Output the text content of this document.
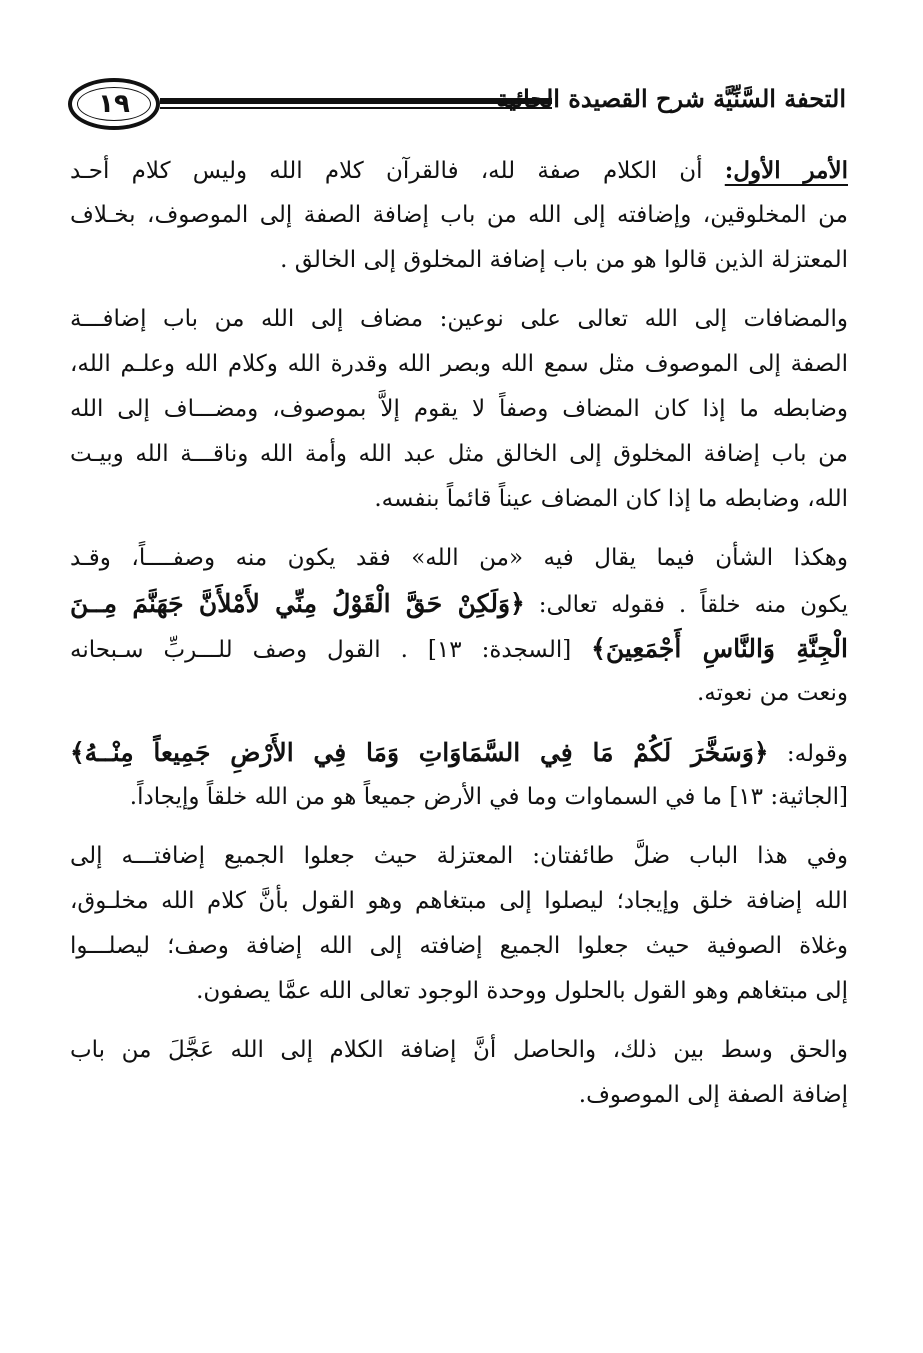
١٩	التحفة السَّنِّيَّة شرح القصيدة الحائية
الأمر الأول: أن الكلام صفة لله، فالقرآن كلام الله وليس كلام أحـد
من المخلوقين، وإضافته إلى الله من باب إضافة الصفة إلى الموصوف، بخـلاف
المعتزلة الذين قالوا هو من باب إضافة المخلوق إلى الخالق .
والمضافات إلى الله تعالى على نوعين: مضاف إلى الله من باب إضافـــة
الصفة إلى الموصوف مثل سمع الله وبصر الله وقدرة الله وكلام الله وعلـم الله،
وضابطه ما إذا كان المضاف وصفاً لا يقوم إلاَّ بموصوف، ومضـــاف إلى الله
من باب إضافة المخلوق إلى الخالق مثل عبد الله وأمة الله وناقـــة الله وبيـت
الله، وضابطه ما إذا كان المضاف عيناً قائماً بنفسه.
وهكذا الشأن فيما يقال فيه «من الله» فقد يكون منه وصفــــاً، وقـد
يكون منه خلقاً . فقوله تعالى: ﴿وَلَكِنْ حَقَّ الْقَوْلُ مِنِّي لأَمْلأَنَّ جَهَنَّمَ مِــنَ
الْجِنَّةِ وَالنَّاسِ أَجْمَعِينَ﴾ [السجدة: ١٣] . القول وصف للـــربِّ سـبحانه
ونعت من نعوته.
وقوله: ﴿وَسَخَّرَ لَكُمْ مَا فِي السَّمَاوَاتِ وَمَا فِي الأَرْضِ جَمِيعاً مِنْــهُ﴾
[الجاثية: ١٣] ما في السماوات وما في الأرض جميعاً هو من الله خلقاً وإيجاداً.
وفي هذا الباب ضلَّ طائفتان: المعتزلة حيث جعلوا الجميع إضافتـــه إلى
الله إضافة خلق وإيجاد؛ ليصلوا إلى مبتغاهم وهو القول بأنَّ كلام الله مخلـوق،
وغلاة الصوفية حيث جعلوا الجميع إضافته إلى الله إضافة وصف؛ ليصلـــوا
إلى مبتغاهم وهو القول بالحلول ووحدة الوجود تعالى الله عمَّا يصفون.
والحق وسط بين ذلك، والحاصل أنَّ إضافة الكلام إلى الله عَجَّلَ من باب
إضافة الصفة إلى الموصوف.
